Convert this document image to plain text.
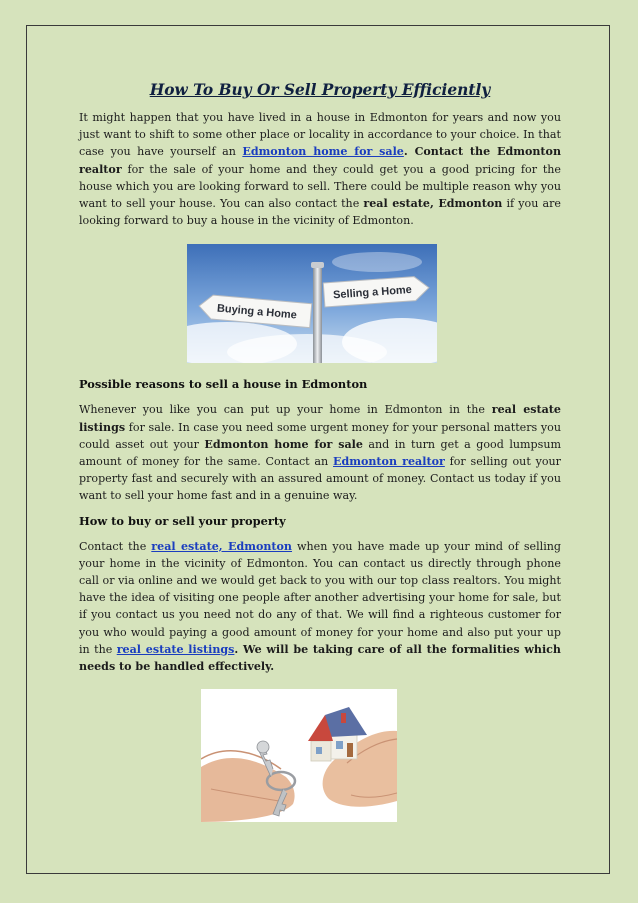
How To Buy Or Sell Property Efficiently

It might happen that you have lived in a house in Edmonton for years and now you just want to shift to some other place or locality in accordance to your choice. In that case you have yourself an Edmonton home for sale. Contact the Edmonton realtor for the sale of your home and they could get you a good pricing for the house which you are looking forward to sell. There could be multiple reason why you want to sell your house. You can also contact the real estate, Edmonton if you are looking forward to buy a house in the vicinity of Edmonton.

Selling a Home
Buying a Home
Possible reasons to sell a house in Edmonton

Whenever you like you can put up your home in Edmonton in the real estate listings for sale. In case you need some urgent money for your personal matters you could asset out your Edmonton home for sale and in turn get a good lumpsum amount of money for the same. Contact an Edmonton realtor for selling out your property fast and securely with an assured amount of money. Contact us today if you want to sell your home fast and in a genuine way.

How to buy or sell your property

Contact the real estate, Edmonton when you have made up your mind of selling your home in the vicinity of Edmonton. You can contact us directly through phone call or via online and we would get back to you with our top class realtors. You might have the idea of visiting one people after another advertising your home for sale, but if you contact us you need not do any of that. We will find a righteous customer for you who would paying a good amount of money for your home and also put your up in the real estate listings. We will be taking care of all the formalities which needs to be handled effectively.
